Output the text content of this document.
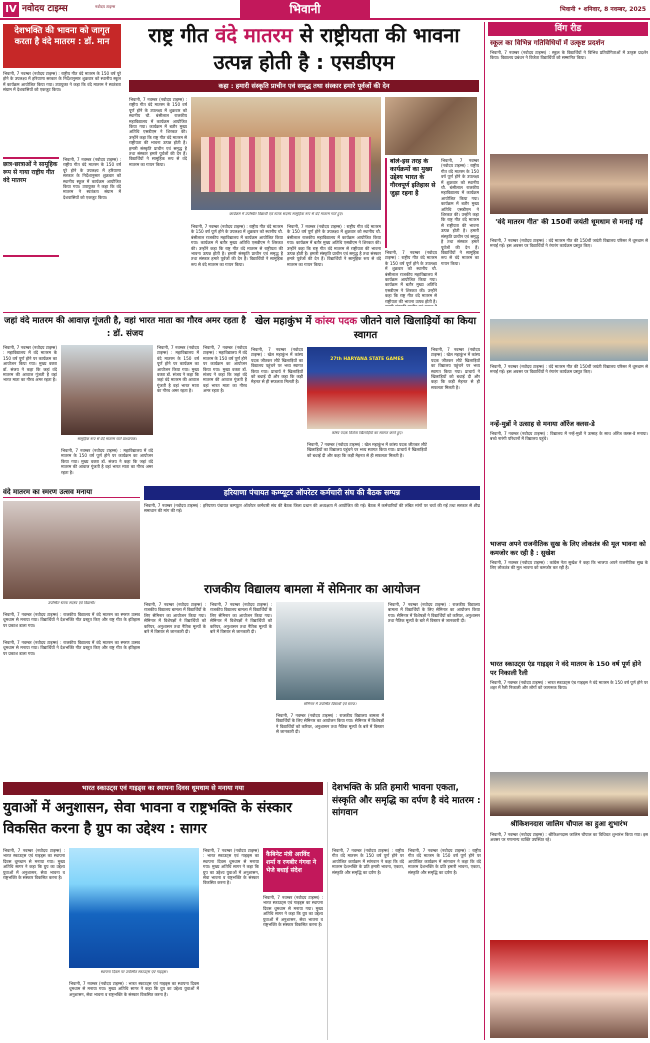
IV नवोदय टाइम्स	नवोदय टाइम्स	भिवानी	भिवानी • शनिवार, 8 नवम्बर, 2025
देशभक्ति की भावना को जागृत करता है वंदे मातरम : डॉ. मान
भिवानी, 7 नवम्बर (नवोदय टाइम्स) : राष्ट्रीय गीत वंदे मातरम के 150 वर्ष पूरे होने के उपलक्ष्य में हरियाणा सरकार के निर्देशानुसार शुक्रवार को स्थानीय स्कूल में कार्यक्रम आयोजित किया गया। उपायुक्त ने कहा कि वंदे मातरम ने स्वतंत्रता संग्राम में देशवासियों को एकजुट किया।
छात्र-छात्राओं ने सामूहिक रूप से गाया राष्ट्रीय गीत वंदे मातरम
भिवानी, 7 नवम्बर (नवोदय टाइम्स) : राष्ट्रीय गीत वंदे मातरम के 150 वर्ष पूरे होने के उपलक्ष्य में हरियाणा सरकार के निर्देशानुसार शुक्रवार को स्थानीय स्कूल में कार्यक्रम आयोजित किया गया। उपायुक्त ने कहा कि वंदे मातरम ने स्वतंत्रता संग्राम में देशवासियों को एकजुट किया।
राष्ट्र गीत वंदे मातरम से राष्ट्रीयता की भावना उत्पन्न होती है : एसडीएम
कहा : हमारी संस्कृति प्राचीन एवं समृद्ध तथा संस्कार हमारे पूर्वजों की देन
भिवानी, 7 नवम्बर (नवोदय टाइम्स) : राष्ट्रीय गीत वंदे मातरम के 150 वर्ष पूर्ण होने के उपलक्ष्य में शुक्रवार को स्थानीय चौ. बंसीलाल राजकीय महाविद्यालय में कार्यक्रम आयोजित किया गया। कार्यक्रम में बतौर मुख्य अतिथि एसडीएम ने शिरकत की। उन्होंने कहा कि राष्ट्र गीत वंदे मातरम से राष्ट्रीयता की भावना उत्पन्न होती है। हमारी संस्कृति प्राचीन एवं समृद्ध है तथा संस्कार हमारे पूर्वजों की देन हैं। विद्यार्थियों ने सामूहिक रूप से वंदे मातरम का गायन किया।
कार्यक्रम में उपस्थित विद्यार्थी एवं स्टाफ सदस्य सामूहिक रूप से वंदे मातरम गाते हुए।
भिवानी, 7 नवम्बर (नवोदय टाइम्स) : राष्ट्रीय गीत वंदे मातरम के 150 वर्ष पूर्ण होने के उपलक्ष्य में शुक्रवार को स्थानीय चौ. बंसीलाल राजकीय महाविद्यालय में कार्यक्रम आयोजित किया गया। कार्यक्रम में बतौर मुख्य अतिथि एसडीएम ने शिरकत की। उन्होंने कहा कि राष्ट्र गीत वंदे मातरम से राष्ट्रीयता की भावना उत्पन्न होती है। हमारी संस्कृति प्राचीन एवं समृद्ध है तथा संस्कार हमारे पूर्वजों की देन हैं। विद्यार्थियों ने सामूहिक रूप से वंदे मातरम का गायन किया।
भिवानी, 7 नवम्बर (नवोदय टाइम्स) : राष्ट्रीय गीत वंदे मातरम के 150 वर्ष पूर्ण होने के उपलक्ष्य में शुक्रवार को स्थानीय चौ. बंसीलाल राजकीय महाविद्यालय में कार्यक्रम आयोजित किया गया। कार्यक्रम में बतौर मुख्य अतिथि एसडीएम ने शिरकत की। उन्होंने कहा कि राष्ट्र गीत वंदे मातरम से राष्ट्रीयता की भावना उत्पन्न होती है। हमारी संस्कृति प्राचीन एवं समृद्ध है तथा संस्कार हमारे पूर्वजों की देन हैं। विद्यार्थियों ने सामूहिक रूप से वंदे मातरम का गायन किया।
बोले-इस तरह के कार्यक्रमों का मुख्य उद्देश्य भारत के गौरवपूर्ण इतिहास से जुड़ा रहना है
भिवानी, 7 नवम्बर (नवोदय टाइम्स) : राष्ट्रीय गीत वंदे मातरम के 150 वर्ष पूर्ण होने के उपलक्ष्य में शुक्रवार को स्थानीय चौ. बंसीलाल राजकीय महाविद्यालय में कार्यक्रम आयोजित किया गया। कार्यक्रम में बतौर मुख्य अतिथि एसडीएम ने शिरकत की। उन्होंने कहा कि राष्ट्र गीत वंदे मातरम से राष्ट्रीयता की भावना उत्पन्न होती है। हमारी संस्कृति प्राचीन एवं समृद्ध है तथा संस्कार हमारे पूर्वजों की देन हैं। विद्यार्थियों ने सामूहिक रूप से वंदे मातरम का गायन किया।
भिवानी, 7 नवम्बर (नवोदय टाइम्स) : राष्ट्रीय गीत वंदे मातरम के 150 वर्ष पूर्ण होने के उपलक्ष्य में शुक्रवार को स्थानीय चौ. बंसीलाल राजकीय महाविद्यालय में कार्यक्रम आयोजित किया गया। कार्यक्रम में बतौर मुख्य अतिथि एसडीएम ने शिरकत की। उन्होंने कहा कि राष्ट्र गीत वंदे मातरम से राष्ट्रीयता की भावना उत्पन्न होती है।
विंग रीड
स्कूल का विभिन्न गतिविधियों में उत्कृष्ट प्रदर्शन
भिवानी, 7 नवम्बर (नवोदय टाइम्स) : स्कूल के विद्यार्थियों ने विभिन्न प्रतियोगिताओं में उत्कृष्ट प्रदर्शन किया। विद्यालय प्रबंधन ने विजेता विद्यार्थियों को सम्मानित किया।
'वंदे मातरम गीत' की 150वीं जयंती धूमधाम से मनाई गई
भिवानी, 7 नवम्बर (नवोदय टाइम्स) : वंदे मातरम गीत की 150वीं जयंती विद्यालय परिसर में धूमधाम से मनाई गई। इस अवसर पर विद्यार्थियों ने रंगारंग कार्यक्रम प्रस्तुत किए।
भिवानी, 7 नवम्बर (नवोदय टाइम्स) : वंदे मातरम गीत की 150वीं जयंती विद्यालय परिसर में धूमधाम से मनाई गई। इस अवसर पर विद्यार्थियों ने रंगारंग कार्यक्रम प्रस्तुत किए।
नन्हें-मुन्नों ने उत्साह से मनाया ऑरेंज क्लस-डे
भिवानी, 7 नवम्बर (नवोदय टाइम्स) : विद्यालय में नन्हें-मुन्नों ने उत्साह के साथ ऑरेंज क्लस-डे मनाया। बच्चे नारंगी परिधानों में विद्यालय पहुंचे।
भाजपा अपने राजनीतिक सुख के लिए लोकतंत्र की मूल भावना को कमजोर कर रही है : सुखेश
भिवानी, 7 नवम्बर (नवोदय टाइम्स) : कांग्रेस नेता सुखेश ने कहा कि भाजपा अपने राजनीतिक सुख के लिए लोकतंत्र की मूल भावना को कमजोर कर रही है।
भारत स्काउट्स एंड गाइड्स ने वंदे मातरम के 150 वर्ष पूर्ण होने पर निकाली रैली
भिवानी, 7 नवम्बर (नवोदय टाइम्स) : भारत स्काउट्स एंड गाइड्स ने वंदे मातरम के 150 वर्ष पूर्ण होने पर शहर में रैली निकाली और लोगों को जागरूक किया।
श्रीकिशनदास जालिम चौपाल का हुआ शुभारंभ
भिवानी, 7 नवम्बर (नवोदय टाइम्स) : श्रीकिशनदास जालिम चौपाल का विधिवत शुभारंभ किया गया। इस अवसर पर गणमान्य व्यक्ति उपस्थित रहे।
जहां वंदे मातरम की आवाज़ गूंजती है, वहां भारत माता का गौरव अमर रहता है : डॉ. संजय
भिवानी, 7 नवम्बर (नवोदय टाइम्स) : महाविद्यालय में वंदे मातरम के 150 वर्ष पूर्ण होने पर कार्यक्रम का आयोजन किया गया। मुख्य वक्ता डॉ. संजय ने कहा कि जहां वंदे मातरम की आवाज गूंजती है वहां भारत माता का गौरव अमर रहता है।
सामूहिक रूप से वंदे मातरम गाते प्राध्यापक।
भिवानी, 7 नवम्बर (नवोदय टाइम्स) : महाविद्यालय में वंदे मातरम के 150 वर्ष पूर्ण होने पर कार्यक्रम का आयोजन किया गया। मुख्य वक्ता डॉ. संजय ने कहा कि जहां वंदे मातरम की आवाज गूंजती है वहां भारत माता का गौरव अमर रहता है।
भिवानी, 7 नवम्बर (नवोदय टाइम्स) : महाविद्यालय में वंदे मातरम के 150 वर्ष पूर्ण होने पर कार्यक्रम का आयोजन किया गया। मुख्य वक्ता डॉ. संजय ने कहा कि जहां वंदे मातरम की आवाज गूंजती है वहां भारत माता का गौरव अमर रहता है।
भिवानी, 7 नवम्बर (नवोदय टाइम्स) : महाविद्यालय में वंदे मातरम के 150 वर्ष पूर्ण होने पर कार्यक्रम का आयोजन किया गया। मुख्य वक्ता डॉ. संजय ने कहा कि जहां वंदे मातरम की आवाज गूंजती है वहां भारत माता का गौरव अमर रहता है।
खेल महाकुंभ में कांस्य पदक जीतने वाले खिलाड़ियों का किया स्वागत
भिवानी, 7 नवम्बर (नवोदय टाइम्स) : खेल महाकुंभ में कांस्य पदक जीतकर लौटे खिलाड़ियों का विद्यालय पहुंचने पर भव्य स्वागत किया गया। प्राचार्य ने खिलाड़ियों को बधाई दी और कहा कि कड़ी मेहनत से ही सफलता मिलती है।
27th HARYANA STATE GAMES
कांस्य पदक विजेता खिलाड़ियों का स्वागत करते हुए।
भिवानी, 7 नवम्बर (नवोदय टाइम्स) : खेल महाकुंभ में कांस्य पदक जीतकर लौटे खिलाड़ियों का विद्यालय पहुंचने पर भव्य स्वागत किया गया। प्राचार्य ने खिलाड़ियों को बधाई दी और कहा कि कड़ी मेहनत से ही सफलता मिलती है।
भिवानी, 7 नवम्बर (नवोदय टाइम्स) : खेल महाकुंभ में कांस्य पदक जीतकर लौटे खिलाड़ियों का विद्यालय पहुंचने पर भव्य स्वागत किया गया। प्राचार्य ने खिलाड़ियों को बधाई दी और कहा कि कड़ी मेहनत से ही सफलता मिलती है।
वंदे मातरम का स्मरण उत्सव मनाया
उपस्थित स्टाफ सदस्य एवं विद्यार्थी।
भिवानी, 7 नवम्बर (नवोदय टाइम्स) : राजकीय विद्यालय में वंदे मातरम का स्मरण उत्सव धूमधाम से मनाया गया। विद्यार्थियों ने देशभक्ति गीत प्रस्तुत किए और राष्ट्र गीत के इतिहास पर प्रकाश डाला गया।
हरियाणा पंचायत कम्प्यूटर ऑपरेटर कर्मचारी संघ की बैठक सम्पन्न
भिवानी, 7 नवम्बर (नवोदय टाइम्स) : हरियाणा पंचायत कम्प्यूटर ऑपरेटर कर्मचारी संघ की बैठक जिला प्रधान की अध्यक्षता में आयोजित की गई। बैठक में कर्मचारियों की लंबित मांगों पर चर्चा की गई तथा सरकार से शीघ्र समाधान की मांग की गई।
राजकीय विद्यालय बामला में सेमिनार का आयोजन
भिवानी, 7 नवम्बर (नवोदय टाइम्स) : राजकीय विद्यालय बामला में विद्यार्थियों के लिए सेमिनार का आयोजन किया गया। सेमिनार में विशेषज्ञों ने विद्यार्थियों को करियर, अनुशासन तथा नैतिक मूल्यों के बारे में विस्तार से जानकारी दी।
भिवानी, 7 नवम्बर (नवोदय टाइम्स) : राजकीय विद्यालय बामला में विद्यार्थियों के लिए सेमिनार का आयोजन किया गया। सेमिनार में विशेषज्ञों ने विद्यार्थियों को करियर, अनुशासन तथा नैतिक मूल्यों के बारे में विस्तार से जानकारी दी।
सेमिनार में उपस्थित विद्यार्थी एवं स्टाफ।
भिवानी, 7 नवम्बर (नवोदय टाइम्स) : राजकीय विद्यालय बामला में विद्यार्थियों के लिए सेमिनार का आयोजन किया गया। सेमिनार में विशेषज्ञों ने विद्यार्थियों को करियर, अनुशासन तथा नैतिक मूल्यों के बारे में विस्तार से जानकारी दी।
भिवानी, 7 नवम्बर (नवोदय टाइम्स) : राजकीय विद्यालय बामला में विद्यार्थियों के लिए सेमिनार का आयोजन किया गया। सेमिनार में विशेषज्ञों ने विद्यार्थियों को करियर, अनुशासन तथा नैतिक मूल्यों के बारे में विस्तार से जानकारी दी।
भिवानी, 7 नवम्बर (नवोदय टाइम्स) : राजकीय विद्यालय में वंदे मातरम का स्मरण उत्सव धूमधाम से मनाया गया। विद्यार्थियों ने देशभक्ति गीत प्रस्तुत किए और राष्ट्र गीत के इतिहास पर प्रकाश डाला गया।
भारत स्काउट्स एवं गाइड्स का स्थापना दिवस धूमधाम से मनाया गया
युवाओं में अनुशासन, सेवा भावना व राष्ट्रभक्ति के संस्कार विकसित करना है ग्रुप का उद्देश्य : सागर
भिवानी, 7 नवम्बर (नवोदय टाइम्स) : भारत स्काउट्स एवं गाइड्स का स्थापना दिवस धूमधाम से मनाया गया। मुख्य अतिथि सागर ने कहा कि ग्रुप का उद्देश्य युवाओं में अनुशासन, सेवा भावना व राष्ट्रभक्ति के संस्कार विकसित करना है।
स्थापना दिवस पर उपस्थित स्काउट्स एवं गाइड्स।
भिवानी, 7 नवम्बर (नवोदय टाइम्स) : भारत स्काउट्स एवं गाइड्स का स्थापना दिवस धूमधाम से मनाया गया। मुख्य अतिथि सागर ने कहा कि ग्रुप का उद्देश्य युवाओं में अनुशासन, सेवा भावना व राष्ट्रभक्ति के संस्कार विकसित करना है।
भिवानी, 7 नवम्बर (नवोदय टाइम्स) : भारत स्काउट्स एवं गाइड्स का स्थापना दिवस धूमधाम से मनाया गया। मुख्य अतिथि सागर ने कहा कि ग्रुप का उद्देश्य युवाओं में अनुशासन, सेवा भावना व राष्ट्रभक्ति के संस्कार विकसित करना है।
कैबिनेट मंत्री अरविंद शर्मा व रणबीर गंगवा ने भेजे बधाई संदेश
भिवानी, 7 नवम्बर (नवोदय टाइम्स) : भारत स्काउट्स एवं गाइड्स का स्थापना दिवस धूमधाम से मनाया गया। मुख्य अतिथि सागर ने कहा कि ग्रुप का उद्देश्य युवाओं में अनुशासन, सेवा भावना व राष्ट्रभक्ति के संस्कार विकसित करना है।
देशभक्ति के प्रति हमारी भावना एकता, संस्कृति और समृद्धि का दर्पण है वंदे मातरम : सांगवान
भिवानी, 7 नवम्बर (नवोदय टाइम्स) : राष्ट्रीय गीत वंदे मातरम के 150 वर्ष पूर्ण होने पर आयोजित कार्यक्रम में सांगवान ने कहा कि वंदे मातरम देशभक्ति के प्रति हमारी भावना, एकता, संस्कृति और समृद्धि का दर्पण है।
भिवानी, 7 नवम्बर (नवोदय टाइम्स) : राष्ट्रीय गीत वंदे मातरम के 150 वर्ष पूर्ण होने पर आयोजित कार्यक्रम में सांगवान ने कहा कि वंदे मातरम देशभक्ति के प्रति हमारी भावना, एकता, संस्कृति और समृद्धि का दर्पण है।
